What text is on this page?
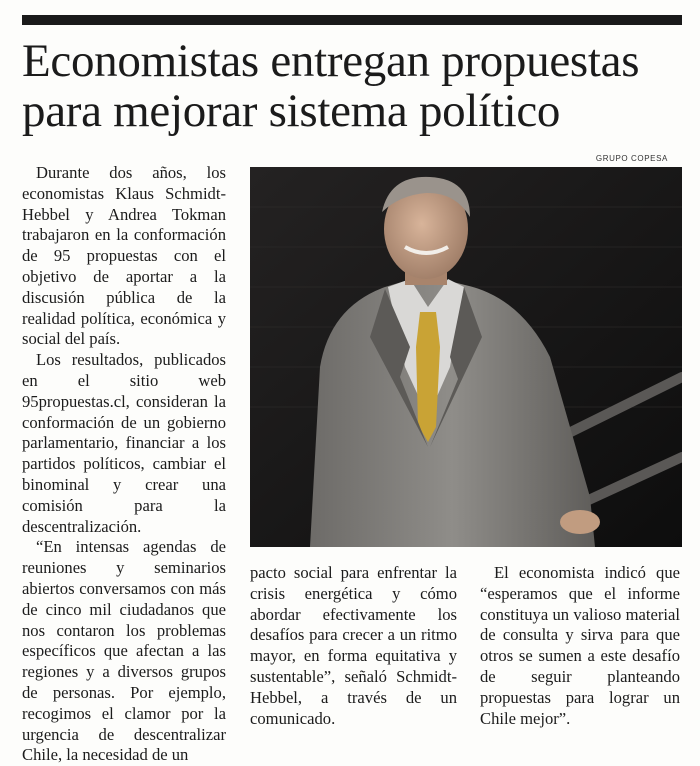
Economistas entregan propuestas
para mejorar sistema político
GRUPO COPESA

Durante dos años, los economistas Klaus Schmidt-Hebbel y Andrea Tokman trabajaron en la conformación de 95 propuestas con el objetivo de aportar a la discusión pública de la realidad política, económica y social del país.

Los resultados, publicados en el sitio web 95propuestas.cl, consideran la conformación de un gobierno parlamentario, financiar a los partidos políticos, cambiar el binominal y crear una comisión para la descentralización.

“En intensas agendas de reuniones y seminarios abiertos conversamos con más de cinco mil ciudadanos que nos contaron los problemas específicos que afectan a las regiones y a diversos grupos de personas. Por ejemplo, recogimos el clamor por la urgencia de descentralizar Chile, la necesidad de un

pacto social para enfrentar la crisis energética y cómo abordar efectivamente los desafíos para crecer a un ritmo mayor, en forma equitativa y sustentable”, señaló Schmidt-Hebbel, a través de un comunicado.

El economista indicó que “esperamos que el informe constituya un valioso material de consulta y sirva para que otros se sumen a este desafío de seguir planteando propuestas para lograr un Chile mejor”.
